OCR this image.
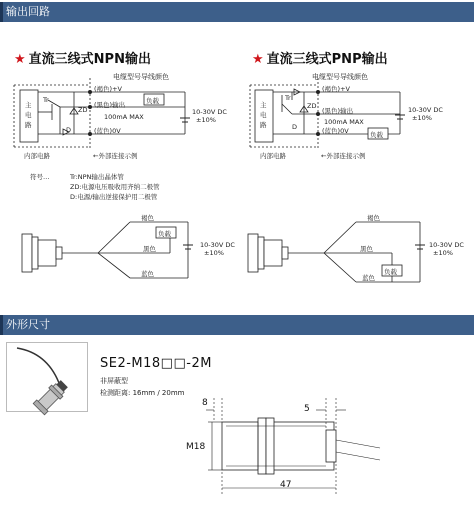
输出回路
★ 直流三线式NPN输出
电缆型号导线颜色
主
电
路
Tr
ZD
D
(褐色)+V
(黑色)输出
(蓝色)0V
负载
100mA MAX
10-30V DC
±10%
内部电路	←外部连接示例
★ 直流三线式PNP输出
电缆型号导线颜色
主
电
路
Tr
ZD
D
(褐色)+V
(黑色)输出
(蓝色)0V	负载
100mA MAX
10-30V DC
±10%
内部电路	←外部连接示例
符号…	Tr:NPN输出晶体管
ZD:电源电压吸收用齐纳二极管
D:电源/输出逆接保护用二极管
褐色
黑色
蓝色
负载
10-30V DC
±10%
褐色
黑色
蓝色
负载
10-30V DC
±10%
外形尺寸
SE2-M18□□-2M
非屏蔽型
检测距离: 16mm / 20mm
8
5
M18
47
